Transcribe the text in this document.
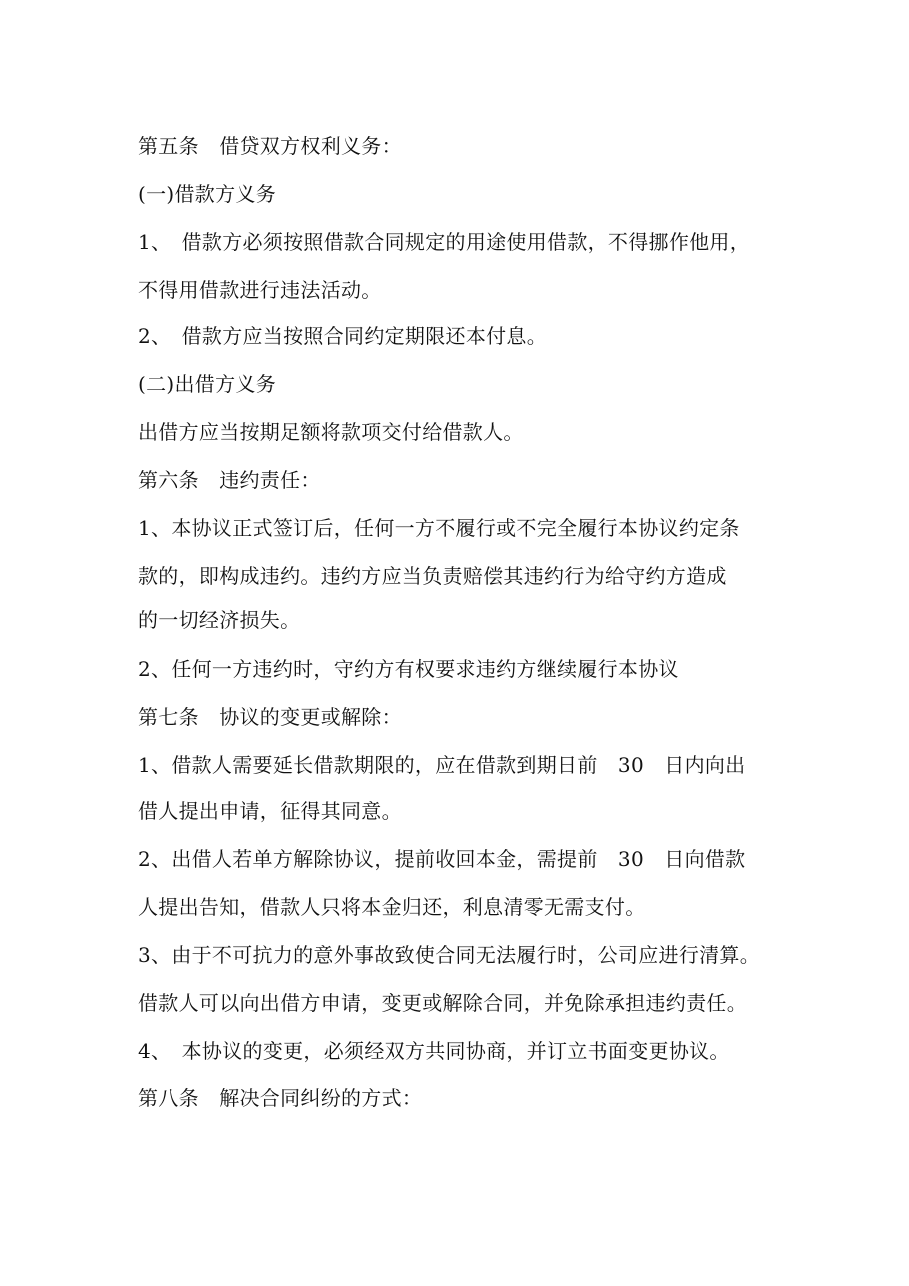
第五条　借贷双方权利义务：

(一)借款方义务

1、　借款方必须按照借款合同规定的用途使用借款，不得挪作他用，

不得用借款进行违法活动。

2、　借款方应当按照合同约定期限还本付息。

(二)出借方义务

出借方应当按期足额将款项交付给借款人。

第六条　违约责任：

1、本协议正式签订后，任何一方不履行或不完全履行本协议约定条

款的，即构成违约。违约方应当负责赔偿其违约行为给守约方造成

的一切经济损失。

2、任何一方违约时，守约方有权要求违约方继续履行本协议

第七条　协议的变更或解除：

1、借款人需要延长借款期限的，应在借款到期日前　30　日内向出

借人提出申请，征得其同意。

2、出借人若单方解除协议，提前收回本金，需提前　30　日向借款

人提出告知，借款人只将本金归还，利息清零无需支付。

3、由于不可抗力的意外事故致使合同无法履行时，公司应进行清算。

借款人可以向出借方申请，变更或解除合同，并免除承担违约责任。

4、　本协议的变更，必须经双方共同协商，并订立书面变更协议。

第八条　解决合同纠纷的方式：
